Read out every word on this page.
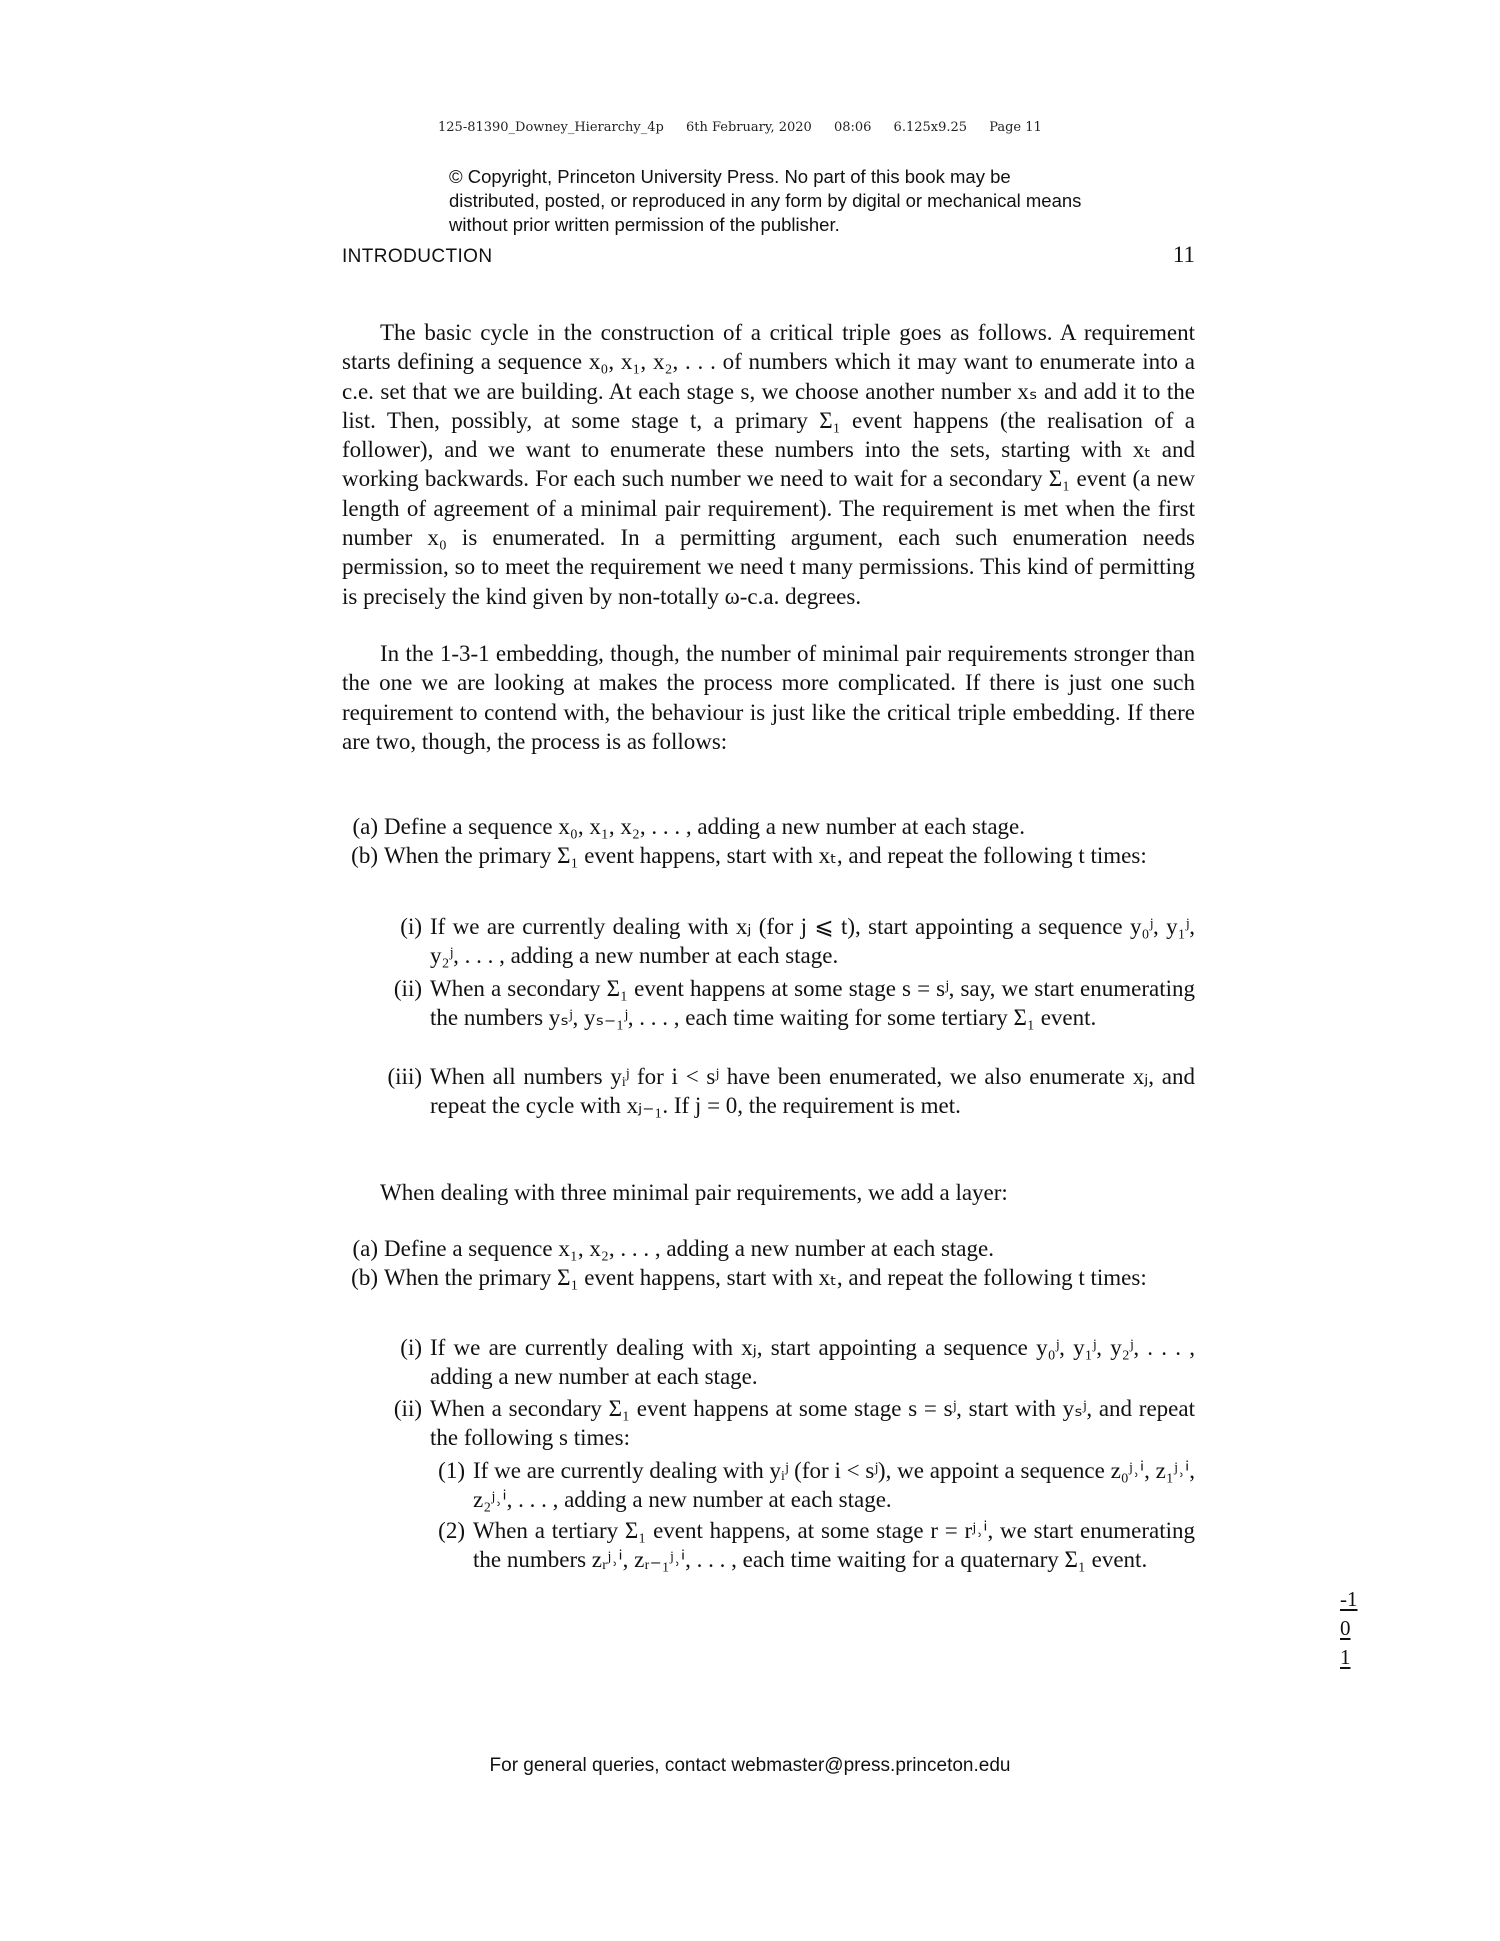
125-81390_Downey_Hierarchy_4p 6th February, 2020 08:06 6.125x9.25 Page 11
© Copyright, Princeton University Press. No part of this book may be distributed, posted, or reproduced in any form by digital or mechanical means without prior written permission of the publisher.
INTRODUCTION	11

The basic cycle in the construction of a critical triple goes as follows. A requirement starts defining a sequence x₀, x₁, x₂, . . . of numbers which it may want to enumerate into a c.e. set that we are building. At each stage s, we choose another number xₛ and add it to the list. Then, possibly, at some stage t, a primary Σ₁ event happens (the realisation of a follower), and we want to enumerate these numbers into the sets, starting with xₜ and working backwards. For each such number we need to wait for a secondary Σ₁ event (a new length of agreement of a minimal pair requirement). The requirement is met when the first number x₀ is enumerated. In a permitting argument, each such enumeration needs permission, so to meet the requirement we need t many permissions. This kind of permitting is precisely the kind given by non-totally ω-c.a. degrees.

In the 1-3-1 embedding, though, the number of minimal pair requirements stronger than the one we are looking at makes the process more complicated. If there is just one such requirement to contend with, the behaviour is just like the critical triple embedding. If there are two, though, the process is as follows:

(a) Define a sequence x₀, x₁, x₂, . . . , adding a new number at each stage.
(b) When the primary Σ₁ event happens, start with xₜ, and repeat the following t times:
(i) If we are currently dealing with xⱼ (for j ⩽ t), start appointing a sequence y₀ʲ, y₁ʲ, y₂ʲ, . . . , adding a new number at each stage.
(ii) When a secondary Σ₁ event happens at some stage s = sʲ, say, we start enumerating the numbers yₛʲ, yₛ₋₁ʲ, . . . , each time waiting for some tertiary Σ₁ event.
(iii) When all numbers yᵢʲ for i < sʲ have been enumerated, we also enumerate xⱼ, and repeat the cycle with xⱼ₋₁. If j = 0, the requirement is met.

When dealing with three minimal pair requirements, we add a layer:

(a) Define a sequence x₁, x₂, . . . , adding a new number at each stage.
(b) When the primary Σ₁ event happens, start with xₜ, and repeat the following t times:
(i) If we are currently dealing with xⱼ, start appointing a sequence y₀ʲ, y₁ʲ, y₂ʲ, . . . , adding a new number at each stage.
(ii) When a secondary Σ₁ event happens at some stage s = sʲ, start with yₛʲ, and repeat the following s times:
(1) If we are currently dealing with yᵢʲ (for i < sʲ), we appoint a sequence z₀ʲ˒ⁱ, z₁ʲ˒ⁱ, z₂ʲ˒ⁱ, . . . , adding a new number at each stage.
(2) When a tertiary Σ₁ event happens, at some stage r = rʲ˒ⁱ, we start enumerating the numbers zᵣʲ˒ⁱ, zᵣ₋₁ʲ˒ⁱ, . . . , each time waiting for a quaternary Σ₁ event.
-1
0
1
For general queries, contact webmaster@press.princeton.edu
